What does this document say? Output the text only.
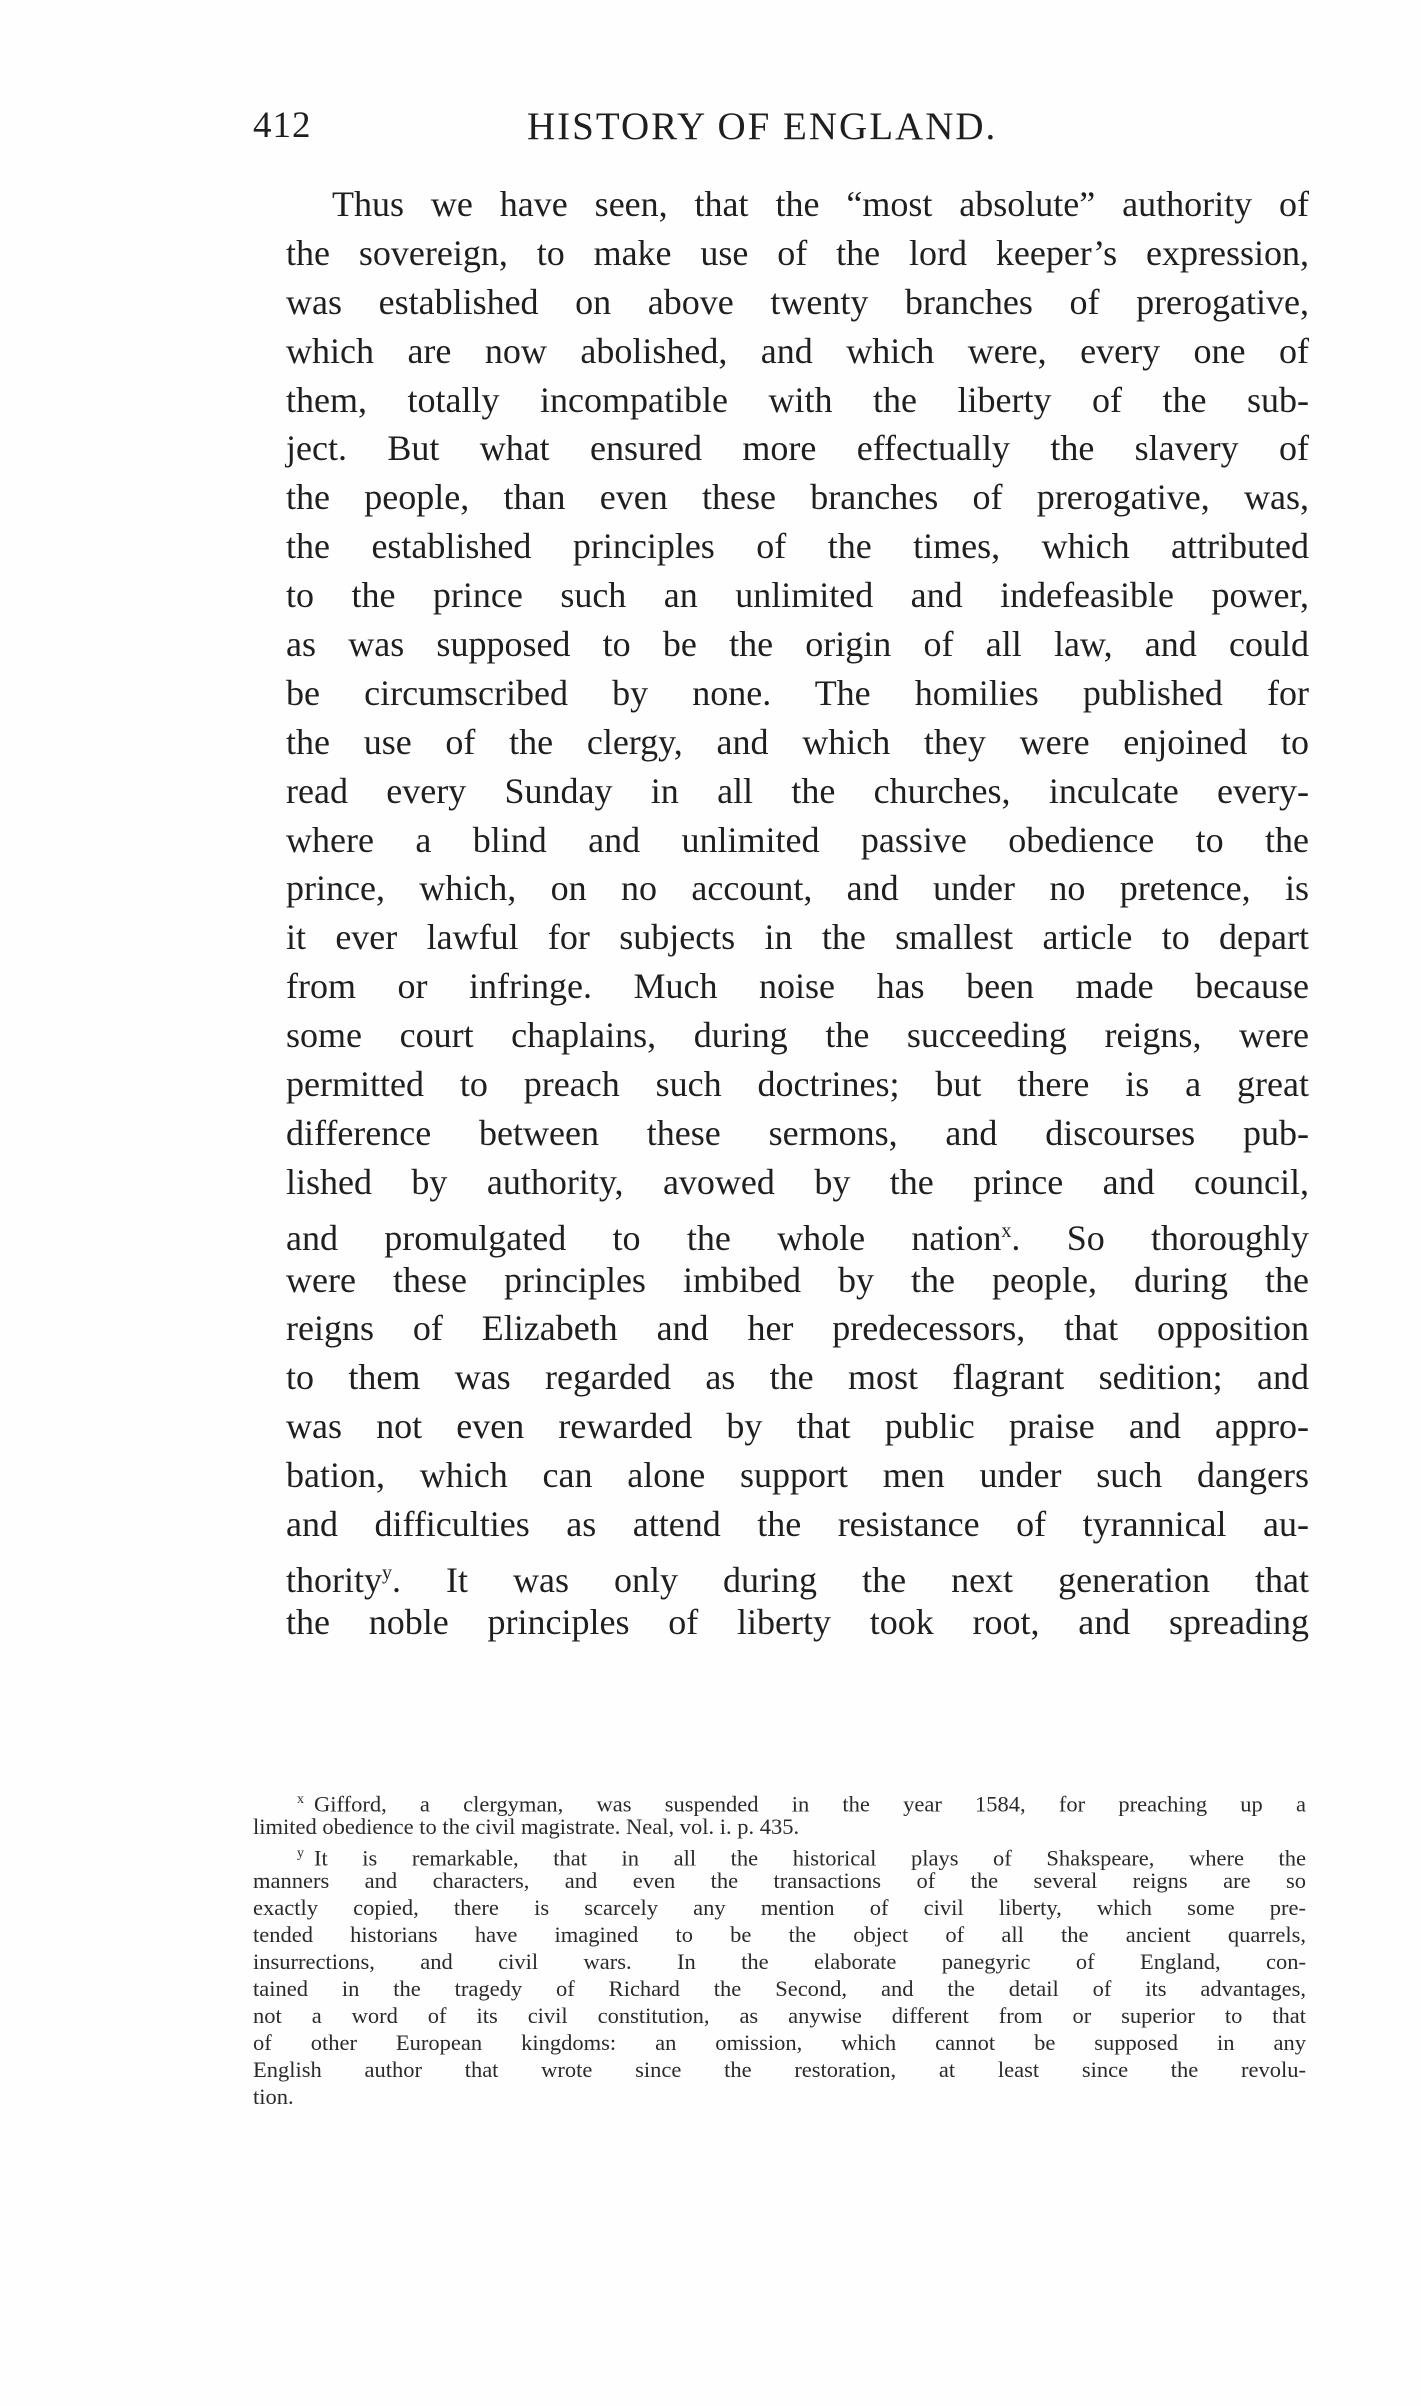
412	HISTORY OF ENGLAND.
Thus we have seen, that the “most absolute” authority of
the sovereign, to make use of the lord keeper’s expression,
was established on above twenty branches of prerogative,
which are now abolished, and which were, every one of
them, totally incompatible with the liberty of the sub-
ject. But what ensured more effectually the slavery of
the people, than even these branches of prerogative, was,
the established principles of the times, which attributed
to the prince such an unlimited and indefeasible power,
as was supposed to be the origin of all law, and could
be circumscribed by none. The homilies published for
the use of the clergy, and which they were enjoined to
read every Sunday in all the churches, inculcate every-
where a blind and unlimited passive obedience to the
prince, which, on no account, and under no pretence, is
it ever lawful for subjects in the smallest article to depart
from or infringe. Much noise has been made because
some court chaplains, during the succeeding reigns, were
permitted to preach such doctrines; but there is a great
difference between these sermons, and discourses pub-
lished by authority, avowed by the prince and council,
and promulgated to the whole nation$^x$. So thoroughly
were these principles imbibed by the people, during the
reigns of Elizabeth and her predecessors, that opposition
to them was regarded as the most flagrant sedition; and
was not even rewarded by that public praise and appro-
bation, which can alone support men under such dangers
and difficulties as attend the resistance of tyrannical au-
thority$^y$. It was only during the next generation that
the noble principles of liberty took root, and spreading
$^x$ Gifford, a clergyman, was suspended in the year 1584, for preaching up a
limited obedience to the civil magistrate. Neal, vol. i. p. 435.
$^y$ It is remarkable, that in all the historical plays of Shakspeare, where the
manners and characters, and even the transactions of the several reigns are so
exactly copied, there is scarcely any mention of civil liberty, which some pre-
tended historians have imagined to be the object of all the ancient quarrels,
insurrections, and civil wars. In the elaborate panegyric of England, con-
tained in the tragedy of Richard the Second, and the detail of its advantages,
not a word of its civil constitution, as anywise different from or superior to that
of other European kingdoms: an omission, which cannot be supposed in any
English author that wrote since the restoration, at least since the revolu-
tion.
